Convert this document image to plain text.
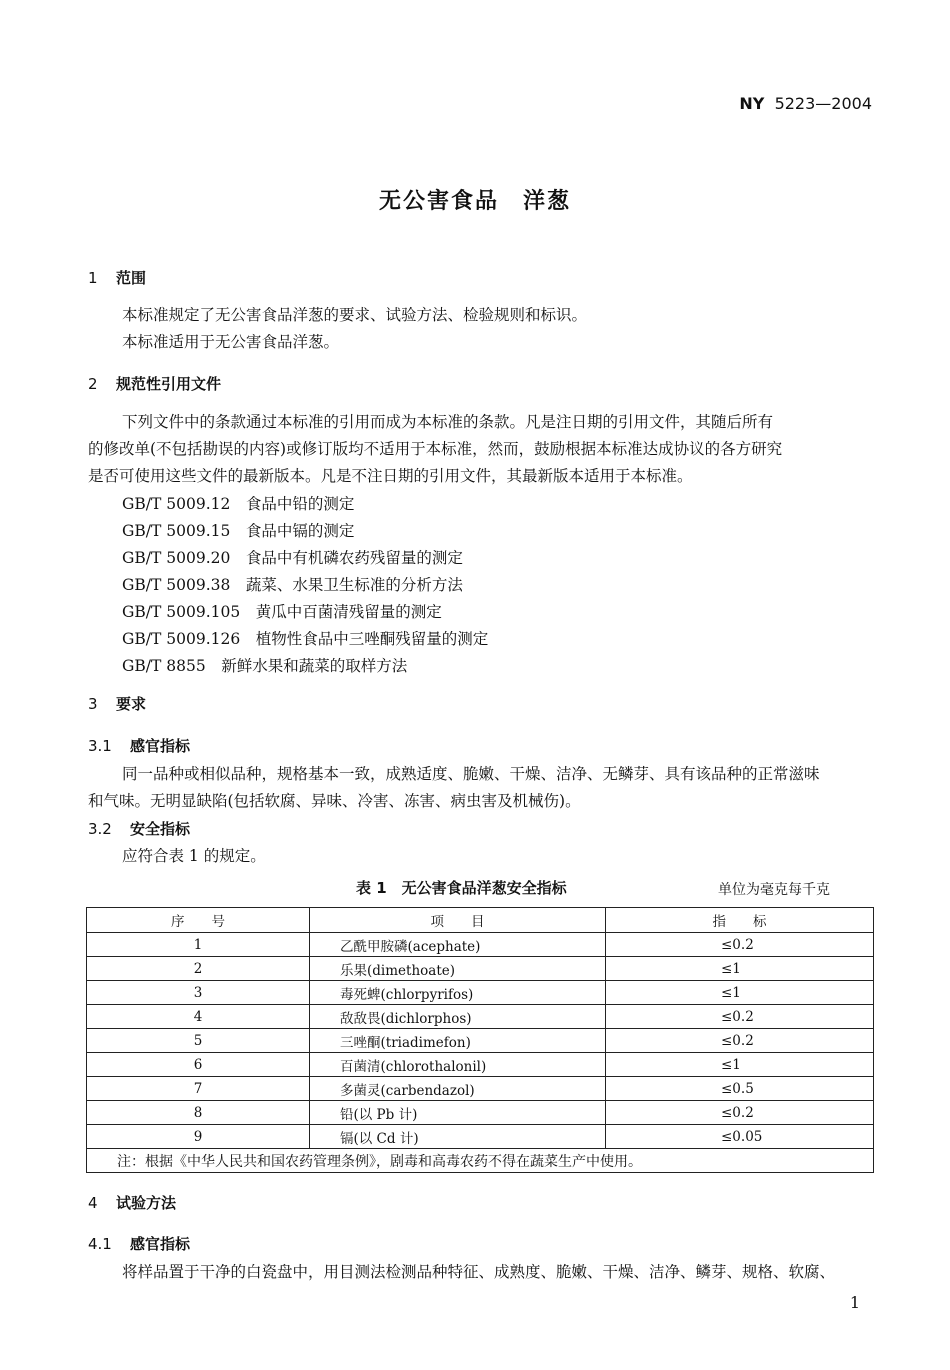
NY 5223—2004
无公害食品　洋葱
1 范围
本标准规定了无公害食品洋葱的要求、试验方法、检验规则和标识。
本标准适用于无公害食品洋葱。
2 规范性引用文件
下列文件中的条款通过本标准的引用而成为本标准的条款。凡是注日期的引用文件，其随后所有
的修改单(不包括勘误的内容)或修订版均不适用于本标准，然而，鼓励根据本标准达成协议的各方研究
是否可使用这些文件的最新版本。凡是不注日期的引用文件，其最新版本适用于本标准。
GB/T 5009.12　食品中铅的测定
GB/T 5009.15　食品中镉的测定
GB/T 5009.20　食品中有机磷农药残留量的测定
GB/T 5009.38　蔬菜、水果卫生标准的分析方法
GB/T 5009.105　黄瓜中百菌清残留量的测定
GB/T 5009.126　植物性食品中三唑酮残留量的测定
GB/T 8855　新鲜水果和蔬菜的取样方法
3 要求
3.1 感官指标
同一品种或相似品种，规格基本一致，成熟适度、脆嫩、干燥、洁净、无鳞芽、具有该品种的正常滋味
和气味。无明显缺陷(包括软腐、异味、冷害、冻害、病虫害及机械伤)。
3.2 安全指标
应符合表 1 的规定。
表 1　无公害食品洋葱安全指标	单位为毫克每千克
序　　号	项　　目	指　　标
1	乙酰甲胺磷(acephate)	≤0.2
2	乐果(dimethoate)	≤1
3	毒死蜱(chlorpyrifos)	≤1
4	敌敌畏(dichlorphos)	≤0.2
5	三唑酮(triadimefon)	≤0.2
6	百菌清(chlorothalonil)	≤1
7	多菌灵(carbendazol)	≤0.5
8	铅(以 Pb 计)	≤0.2
9	镉(以 Cd 计)	≤0.05
注：根据《中华人民共和国农药管理条例》，剧毒和高毒农药不得在蔬菜生产中使用。		
4 试验方法
4.1 感官指标
将样品置于干净的白瓷盘中，用目测法检测品种特征、成熟度、脆嫩、干燥、洁净、鳞芽、规格、软腐、
1
